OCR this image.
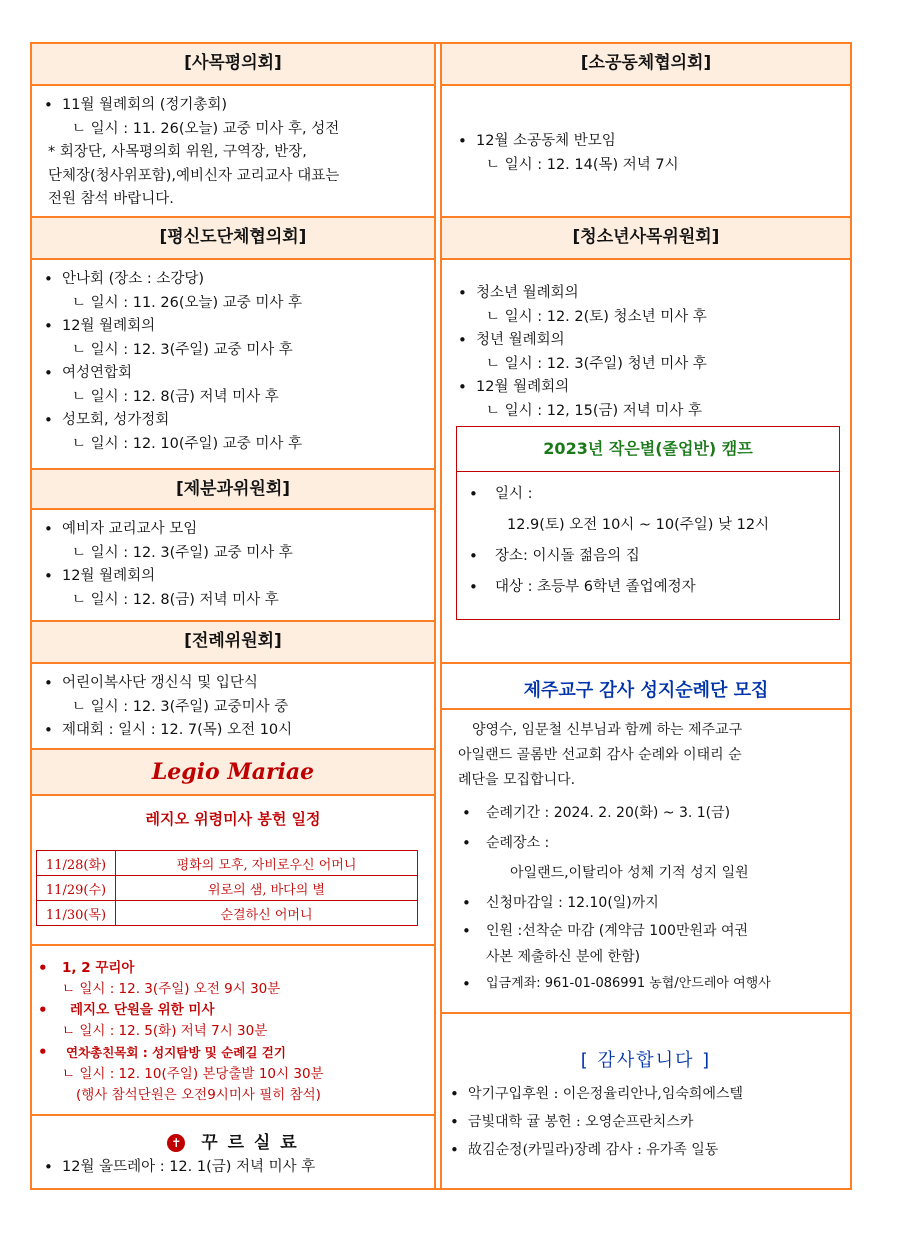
[사목평의회]
• 11월 월례회의 (정기총회)
ㄴ 일시 : 11. 26(오늘) 교중 미사 후, 성전
* 회장단, 사목평의회 위원, 구역장, 반장,
단체장(청사위포함),예비신자 교리교사 대표는
전원 참석 바랍니다.
[평신도단체협의회]
• 안나회 (장소 : 소강당)
ㄴ 일시 : 11. 26(오늘) 교중 미사 후
• 12월 월례회의
ㄴ 일시 : 12. 3(주일) 교중 미사 후
• 여성연합회
ㄴ 일시 : 12. 8(금) 저녁 미사 후
• 성모회, 성가정회
ㄴ 일시 : 12. 10(주일) 교중 미사 후
[제분과위원회]
• 예비자 교리교사 모임
ㄴ 일시 : 12. 3(주일) 교중 미사 후
• 12월 월례회의
ㄴ 일시 : 12. 8(금) 저녁 미사 후
[전례위원회]
• 어린이복사단 갱신식 및 입단식
ㄴ 일시 : 12. 3(주일) 교중미사 중
• 제대회 : 일시 : 12. 7(목) 오전 10시
Legio Mariae
레지오 위령미사 봉헌 일정
11/28(화)	평화의 모후, 자비로우신 어머니
11/29(수)	위로의 샘, 바다의 별
11/30(목)	순결하신 어머니
• 1, 2 꾸리아
ㄴ 일시 : 12. 3(주일) 오전 9시 30분
• 레지오 단원을 위한 미사
ㄴ 일시 : 12. 5(화) 저녁 7시 30분
• 연차총친목회 : 성지탐방 및 순례길 걷기
ㄴ 일시 : 12. 10(주일) 본당출발 10시 30분
(행사 참석단원은 오전9시미사 필히 참석)
✝ 꾸 르 실 료
• 12월 울뜨레아 : 12. 1(금) 저녁 미사 후
[소공동체협의회]
• 12월 소공동체 반모임
ㄴ 일시 : 12. 14(목) 저녁 7시
[청소년사목위원회]
• 청소년 월례회의
ㄴ 일시 : 12. 2(토) 청소년 미사 후
• 청년 월례회의
ㄴ 일시 : 12. 3(주일) 청년 미사 후
• 12월 월례회의
ㄴ 일시 : 12, 15(금) 저녁 미사 후
2023년 작은별(졸업반) 캠프
• 일시 :
12.9(토) 오전 10시 ~ 10(주일) 낮 12시
• 장소: 이시돌 젊음의 집
• 대상 : 초등부 6학년 졸업예정자
제주교구 감사 성지순례단 모집
양영수, 임문철 신부님과 함께 하는 제주교구
아일랜드 골롬반 선교회 감사 순례와 이태리 순
례단을 모집합니다.
• 순례기간 : 2024. 2. 20(화) ~ 3. 1(금)
• 순례장소 :
아일랜드,이탈리아 성체 기적 성지 일원
• 신청마감일 : 12.10(일)까지
• 인원 :선착순 마감 (계약금 100만원과 여권
사본 제출하신 분에 한함)
• 입금계좌: 961-01-086991 농협/안드레아 여행사
[ 감사합니다 ]
• 악기구입후원 : 이은정율리안나,임숙희에스텔
• 금빛대학 귤 봉헌 : 오영순프란치스카
• 故김순정(카밀라)장례 감사 : 유가족 일동
